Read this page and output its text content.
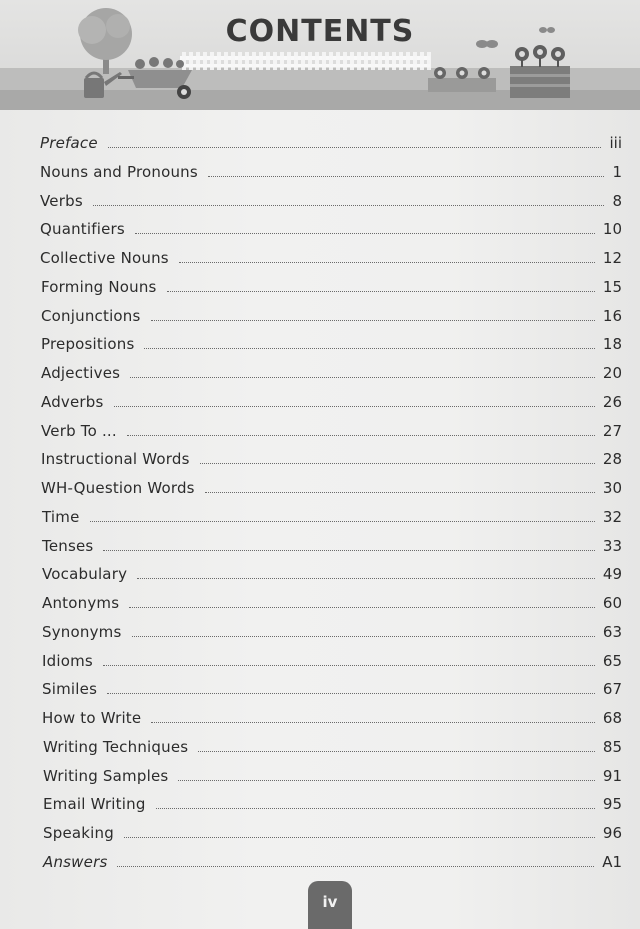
CONTENTS
Preface	iii
Nouns and Pronouns	1
Verbs	8
Quantifiers	10
Collective Nouns	12
Forming Nouns	15
Conjunctions	16
Prepositions	18
Adjectives	20
Adverbs	26
Verb To ...	27
Instructional Words	28
WH-Question Words	30
Time	32
Tenses	33
Vocabulary	49
Antonyms	60
Synonyms	63
Idioms	65
Similes	67
How to Write	68
Writing Techniques	85
Writing Samples	91
Email Writing	95
Speaking	96
Answers	A1
iv
